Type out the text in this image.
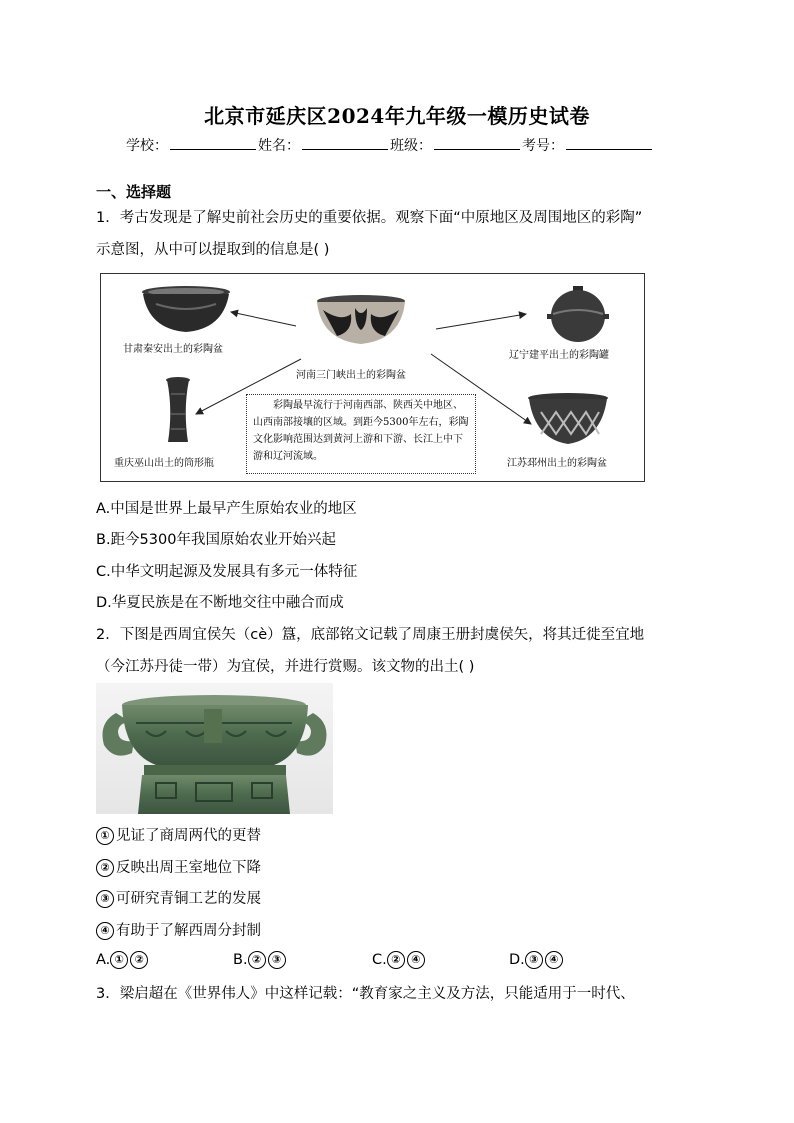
北京市延庆区2024年九年级一模历史试卷
学校：	姓名：	班级：	考号：
一、选择题
1．考古发现是了解史前社会历史的重要依据。观察下面“中原地区及周围地区的彩陶”
示意图，从中可以提取到的信息是( )
甘肃秦安出土的彩陶盆
河南三门峡出土的彩陶盆
辽宁建平出土的彩陶罐
重庆巫山出土的筒形瓶	江苏邳州出土的彩陶盆
彩陶最早流行于河南西部、陕西关中地区、山西南部接壤的区域。到距今5300年左右，彩陶文化影响范围达到黄河上游和下游、长江上中下游和辽河流域。
A.中国是世界上最早产生原始农业的地区
B.距今5300年我国原始农业开始兴起
C.中华文明起源及发展具有多元一体特征
D.华夏民族是在不断地交往中融合而成
2．下图是西周宜侯矢（cè）簋，底部铭文记载了周康王册封虞侯矢，将其迁徙至宜地
（今江苏丹徒一带）为宜侯，并进行赏赐。该文物的出土( )
① 见证了商周两代的更替
② 反映出周王室地位下降
③ 可研究青铜工艺的发展
④ 有助于了解西周分封制
A. ① ②	B. ② ③	C. ② ④	D. ③ ④
3．梁启超在《世界伟人》中这样记载：“教育家之主义及方法，只能适用于一时代、
